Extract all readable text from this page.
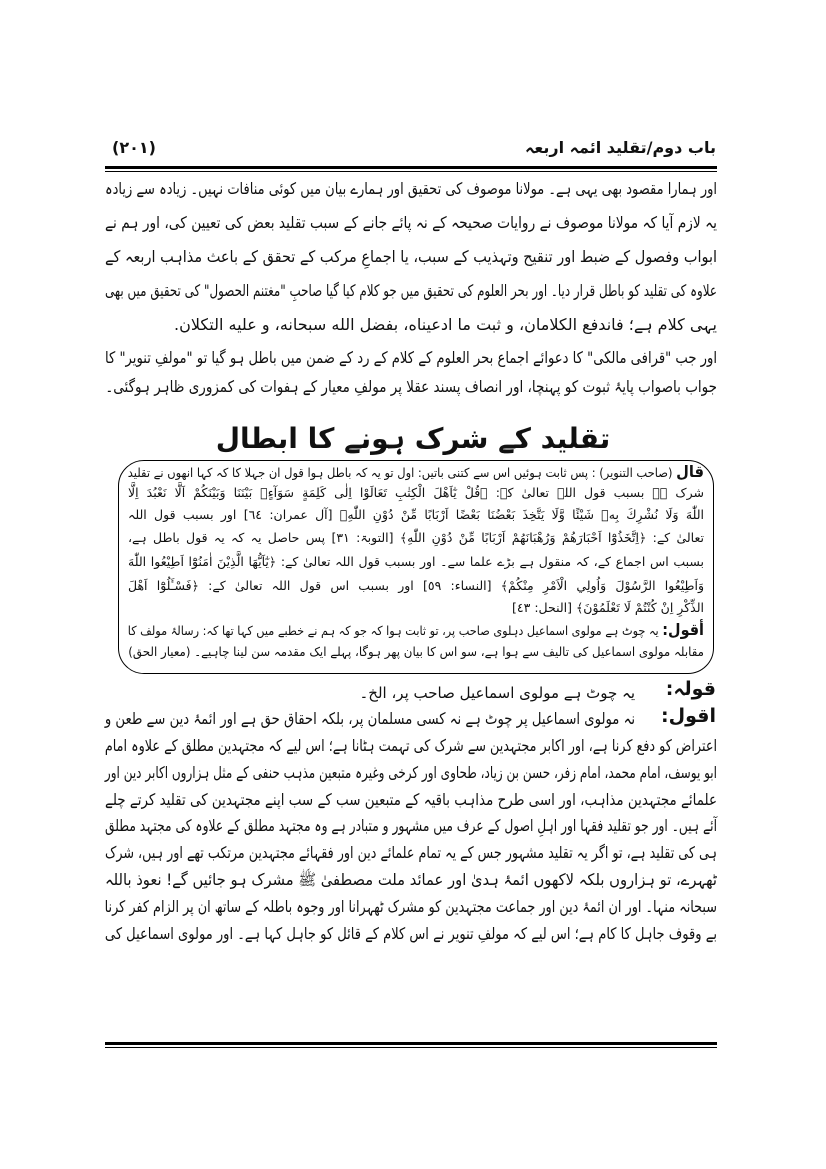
باب دوم/تقلید ائمہ اربعہ
(۲۰۱)
اور ہمارا مقصود بھی یہی ہے۔ مولانا موصوف کی تحقیق اور ہمارے بیان میں کوئی منافات نہیں۔ زیادہ سے زیادہ
یہ لازم آیا کہ مولانا موصوف نے روایات صحیحہ کے نہ پائے جانے کے سبب تقلید بعض کی تعیین کی، اور ہم نے
ابواب وفصول کے ضبط اور تنقیح وتہذیب کے سبب، یا اجماعِ مرکب کے تحقق کے باعث مذاہب اربعہ کے
علاوہ کی تقلید کو باطل قرار دیا۔ اور بحر العلوم کی تحقیق میں جو کلام کیا گیا صاحبِ "مغتنم الحصول" کی تحقیق میں بھی
یہی کلام ہے؛ فاندفع الكلامان، و ثبت ما ادعيناه، بفضل الله سبحانه، و عليه التكلان.
اور جب "قرافی مالکی" کا دعوائے اجماع بحر العلوم کے کلام کے رد کے ضمن میں باطل ہو گیا تو "مولفِ تنویر" کا
جواب باصواب پایۂ ثبوت کو پہنچا، اور انصاف پسند عقلا پر مولفِ معیار کے ہفوات کی کمزوری ظاہر ہوگئی۔
تقلید کے شرک ہونے کا ابطال
قال (صاحب التنویر) : پس ثابت ہوئیں اس سے کتنی باتیں: اول تو یہ کہ باطل ہوا قول ان جہلا کا کہ کہا انھوں نے تقلید
شرک ہے بسبب قول اللہ تعالیٰ کے: ﴿قُلْ يٰٓاَهْلَ الْكِتٰبِ تَعَالَوْا اِلٰى كَلِمَةٍ سَوَآءٍۢ بَيْنَنَا وَبَيْنَكُمْ اَلَّا نَعْبُدَ اِلَّا
اللّٰهَ وَلَا نُشْرِكَ بِهٖ شَيْئًا وَّلَا يَتَّخِذَ بَعْضُنَا بَعْضًا اَرْبَابًا مِّنْ دُوْنِ اللّٰهِ﴾ [آل عمران: ٦٤] اور بسبب قول اللہ
تعالیٰ کے: ﴿اِتَّخَذُوْٓا اَحْبَارَهُمْ وَرُهْبَانَهُمْ اَرْبَابًا مِّنْ دُوْنِ اللّٰهِ﴾ [التوبۃ: ٣١] پس حاصل یہ کہ یہ قول باطل ہے،
بسبب اس اجماع کے، کہ منقول ہے بڑے علما سے۔ اور بسبب قول اللہ تعالیٰ کے: ﴿يٰٓاَيُّهَا الَّذِيْنَ اٰمَنُوْٓا اَطِيْعُوا اللّٰهَ
وَاَطِيْعُوا الرَّسُوْلَ وَاُولِي الْاَمْرِ مِنْكُمْ﴾ [النساء: ٥٩] اور بسبب اس قول اللہ تعالیٰ کے: ﴿فَسْـَٔلُوْٓا اَهْلَ
الذِّكْرِ اِنْ كُنْتُمْ لَا تَعْلَمُوْنَ﴾ [النحل: ٤٣]
أقول: یہ چوٹ ہے مولوی اسماعیل دہلوی صاحب پر، تو ثابت ہوا کہ جو کہ ہم نے خطبے میں کہا تھا کہ: رسالۂ مولف کا
مقابلہ مولوی اسماعیل کی تالیف سے ہوا ہے، سو اس کا بیان پھر ہوگا، پہلے ایک مقدمہ سن لینا چاہیے۔ (معیار الحق)
قولہ:
یہ چوٹ ہے مولوی اسماعیل صاحب پر، الخ۔
اقول:
نہ مولوی اسماعیل پر چوٹ ہے نہ کسی مسلمان پر، بلکہ احقاق حق ہے اور ائمۂ دین سے طعن و
اعتراض کو دفع کرنا ہے، اور اکابر مجتہدین سے شرک کی تہمت ہٹانا ہے؛ اس لیے کہ مجتہدین مطلق کے علاوہ امام
ابو یوسف، امام محمد، امام زفر، حسن بن زیاد، طحاوی اور کرخی وغیرہ متبعین مذہب حنفی کے مثل ہزاروں اکابر دین اور
علمائے مجتہدین مذاہب، اور اسی طرح مذاہب باقیہ کے متبعین سب کے سب اپنے مجتہدین کی تقلید کرتے چلے
آئے ہیں۔ اور جو تقلید فقہا اور اہلِ اصول کے عرف میں مشہور و متبادر ہے وہ مجتہد مطلق کے علاوہ کی مجتہد مطلق
ہی کی تقلید ہے، تو اگر یہ تقلید مشہور جس کے یہ تمام علمائے دین اور فقہائے مجتہدین مرتکب تھے اور ہیں، شرک
ٹھہرے، تو ہزاروں بلکہ لاکھوں ائمۂ ہدیٰ اور عمائد ملت مصطفیٰ ﷺ مشرک ہو جائیں گے! نعوذ باللہ
سبحانہ منہا۔ اور ان ائمۂ دین اور جماعت مجتہدین کو مشرک ٹھہرانا اور وجوہ باطلہ کے ساتھ ان پر الزام کفر کرنا
بے وقوف جاہل کا کام ہے؛ اس لیے کہ مولفِ تنویر نے اس کلام کے قائل کو جاہل کہا ہے۔ اور مولوی اسماعیل کی
